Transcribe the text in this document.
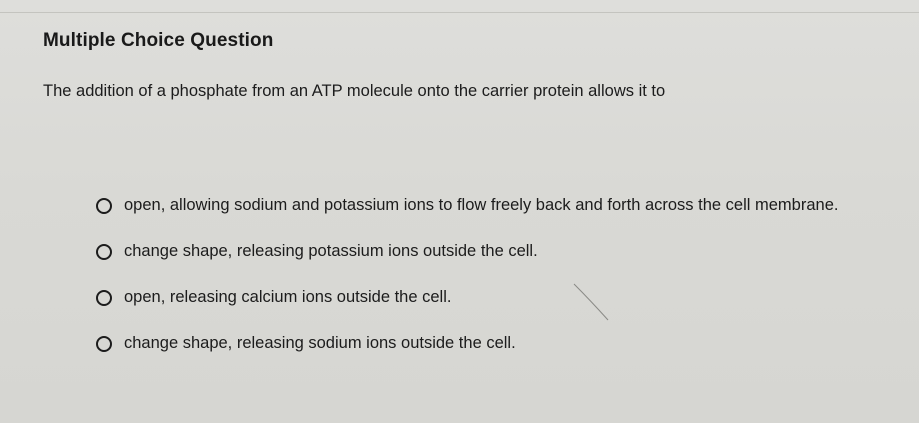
Multiple Choice Question
The addition of a phosphate from an ATP molecule onto the carrier protein allows it to
open, allowing sodium and potassium ions to flow freely back and forth across the cell membrane.
change shape, releasing potassium ions outside the cell.
open, releasing calcium ions outside the cell.
change shape, releasing sodium ions outside the cell.
